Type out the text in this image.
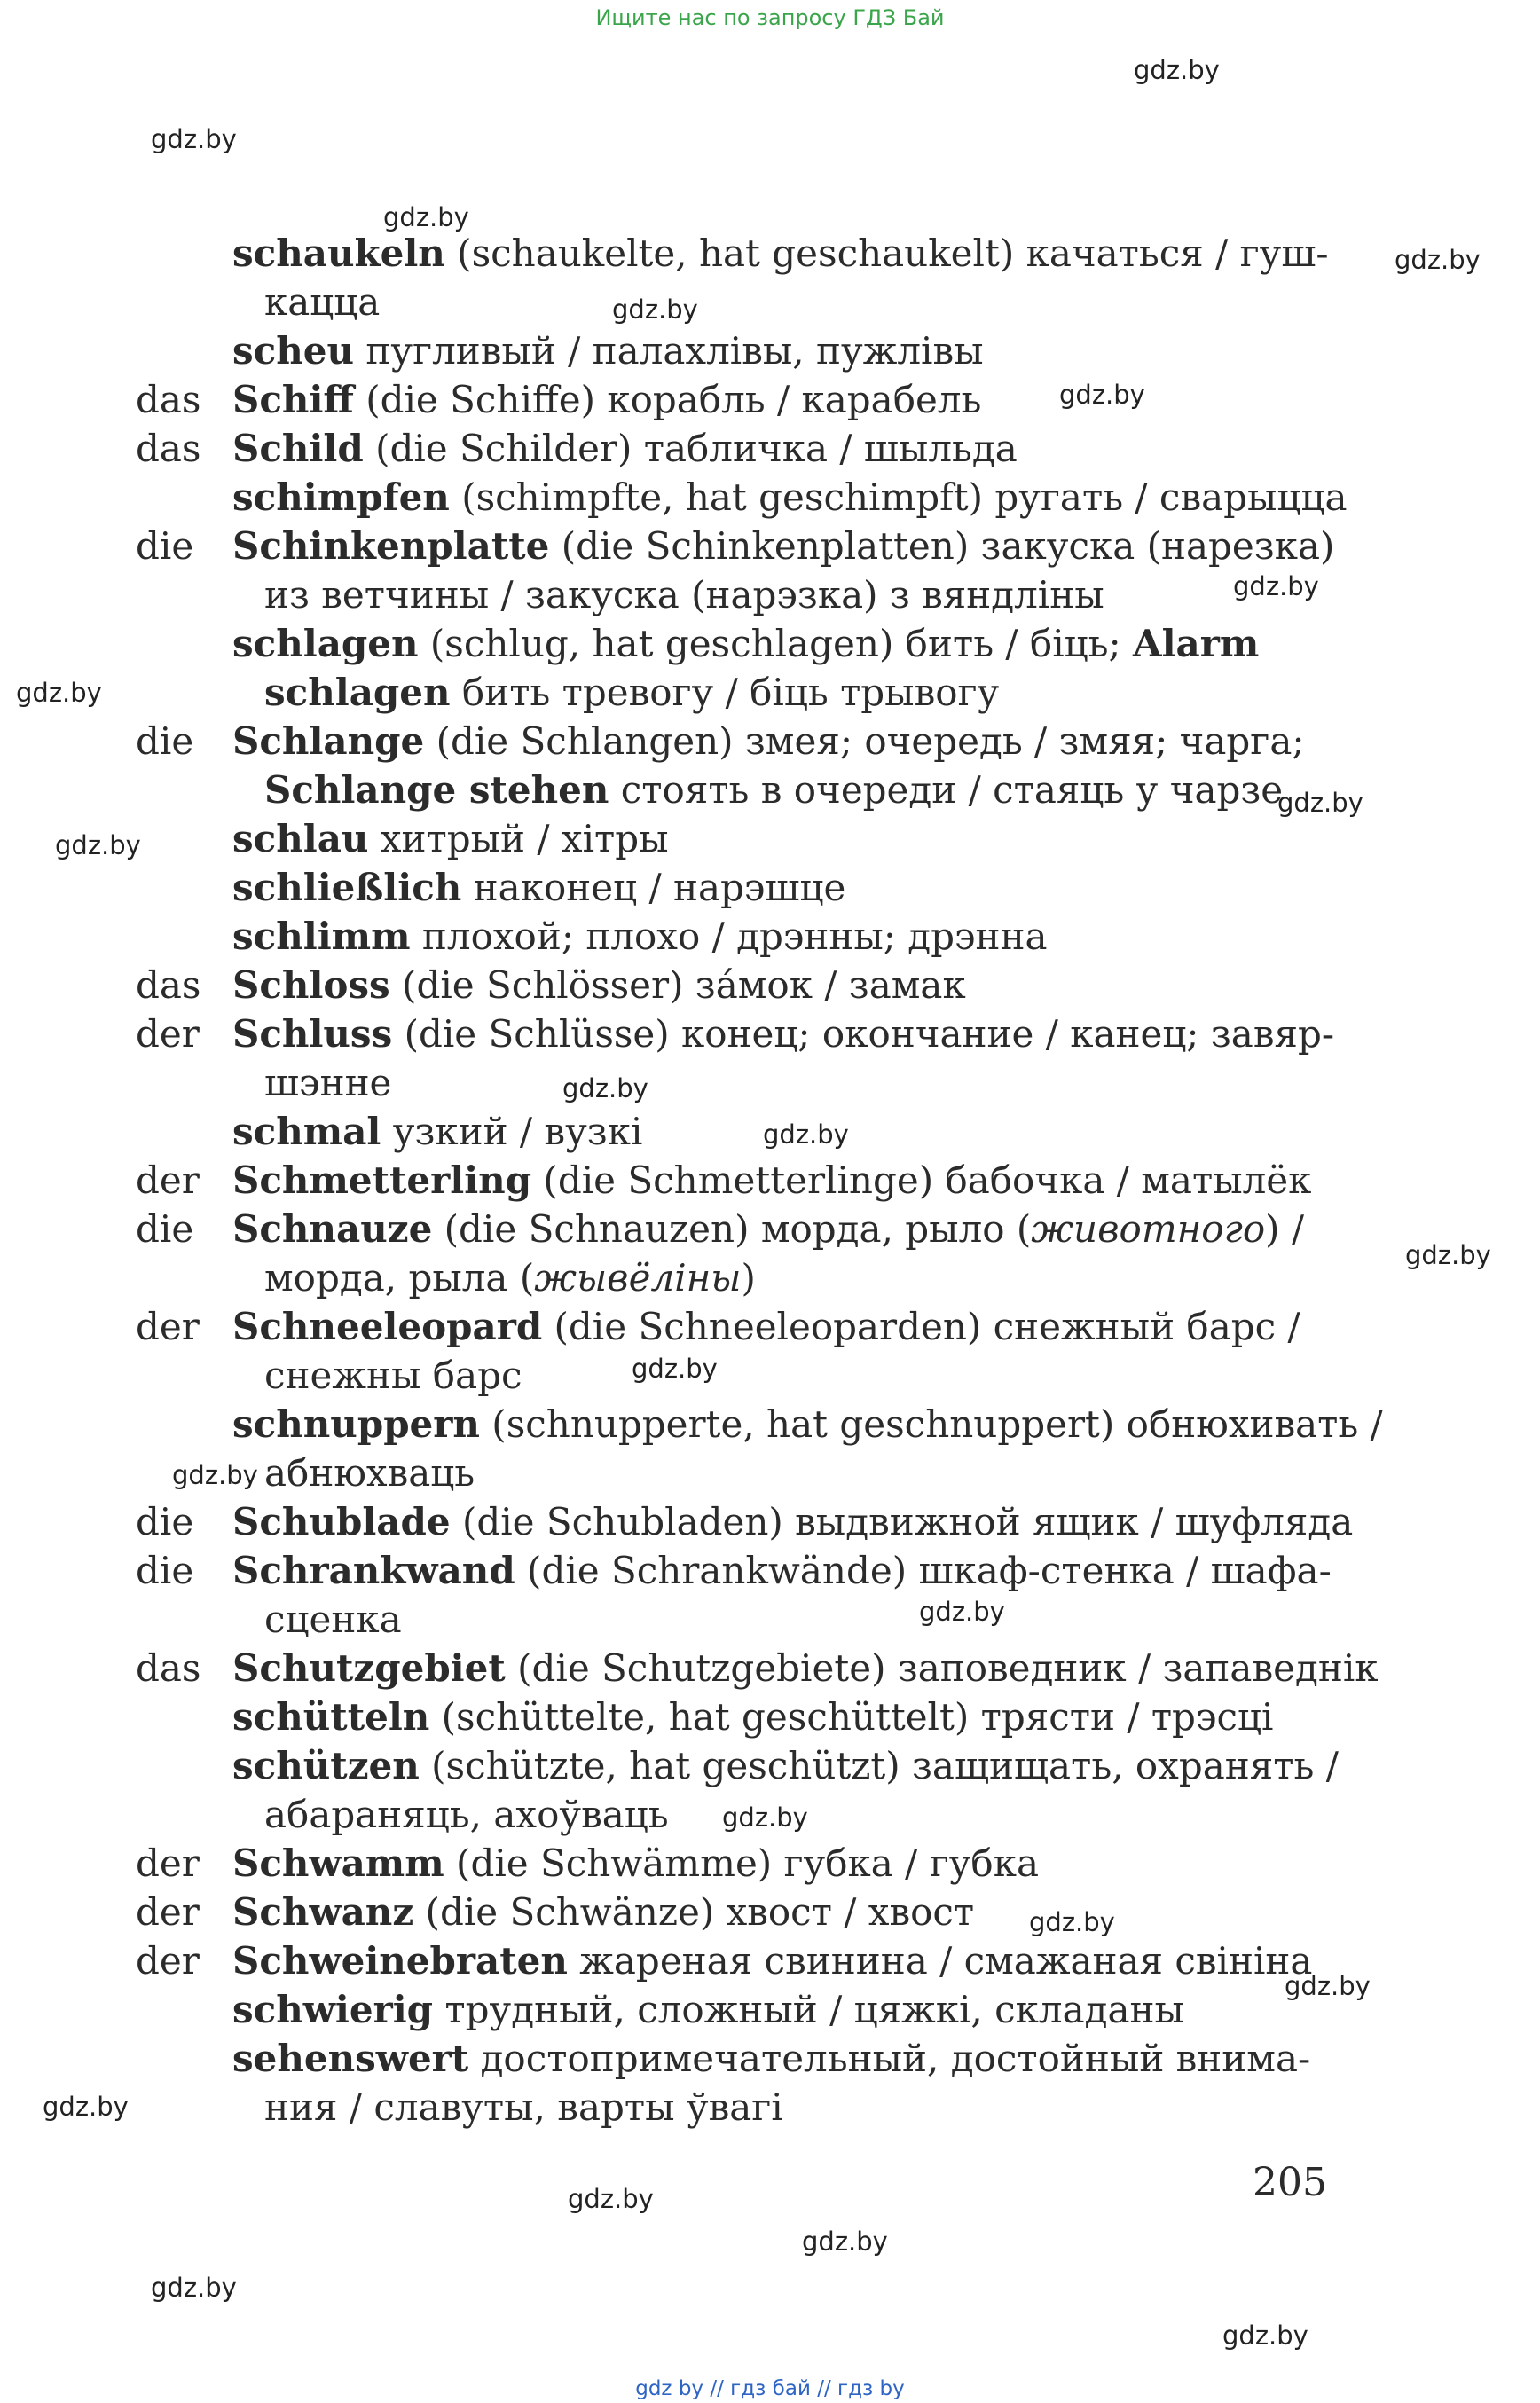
Ищите нас по запросу ГДЗ Бай
schaukeln (schaukelte, hat geschaukelt) качаться / гуш-
кацца
scheu пугливый / палахлівы, пужлівы
das Schiff (die Schiffe) корабль / карабель
das Schild (die Schilder) табличка / шыльда
schimpfen (schimpfte, hat geschimpft) ругать / сварыцца
die Schinkenplatte (die Schinkenplatten) закуска (нарезка)
из ветчины / закуска (нарэзка) з вяндліны
schlagen (schlug, hat geschlagen) бить / біць; Alarm
schlagen бить тревогу / біць трывогу
die Schlange (die Schlangen) змея; очередь / змяя; чарга;
Schlange stehen стоять в очереди / стаяць у чарзе
schlau хитрый / хітры
schließlich наконец / нарэшце
schlimm плохой; плохо / дрэнны; дрэнна
das Schloss (die Schlösser) за́мок / замак
der Schluss (die Schlüsse) конец; окончание / канец; завяр-
шэнне
schmal узкий / вузкі
der Schmetterling (die Schmetterlinge) бабочка / матылёк
die Schnauze (die Schnauzen) морда, рыло (животного) /
морда, рыла (жывёліны)
der Schneeleopard (die Schneeleoparden) снежный барс /
снежны барс
schnuppern (schnupperte, hat geschnuppert) обнюхивать /
абнюхваць
die Schublade (die Schubladen) выдвижной ящик / шуфляда
die Schrankwand (die Schrankwände) шкаф-стенка / шафа-
сценка
das Schutzgebiet (die Schutzgebiete) заповедник / запаведнік
schütteln (schüttelte, hat geschüttelt) трясти / трэсці
schützen (schützte, hat geschützt) защищать, охранять /
абараняць, ахоўваць
der Schwamm (die Schwämme) губка / губка
der Schwanz (die Schwänze) хвост / хвост
der Schweinebraten жареная свинина / смажаная свініна
schwierig трудный, сложный / цяжкі, складаны
sehenswert достопримечательный, достойный внима-
ния / славуты, варты ўвагі
205
gdz.by
gdz.by
gdz.by
gdz.by
gdz.by
gdz.by
gdz.by
gdz.by
gdz.by
gdz.by
gdz.by
gdz.by
gdz.by
gdz.by
gdz.by
gdz.by
gdz.by
gdz.by
gdz.by
gdz.by
gdz.by
gdz.by
gdz.by
gdz.by
gdz by // гдз бай // гдз by
